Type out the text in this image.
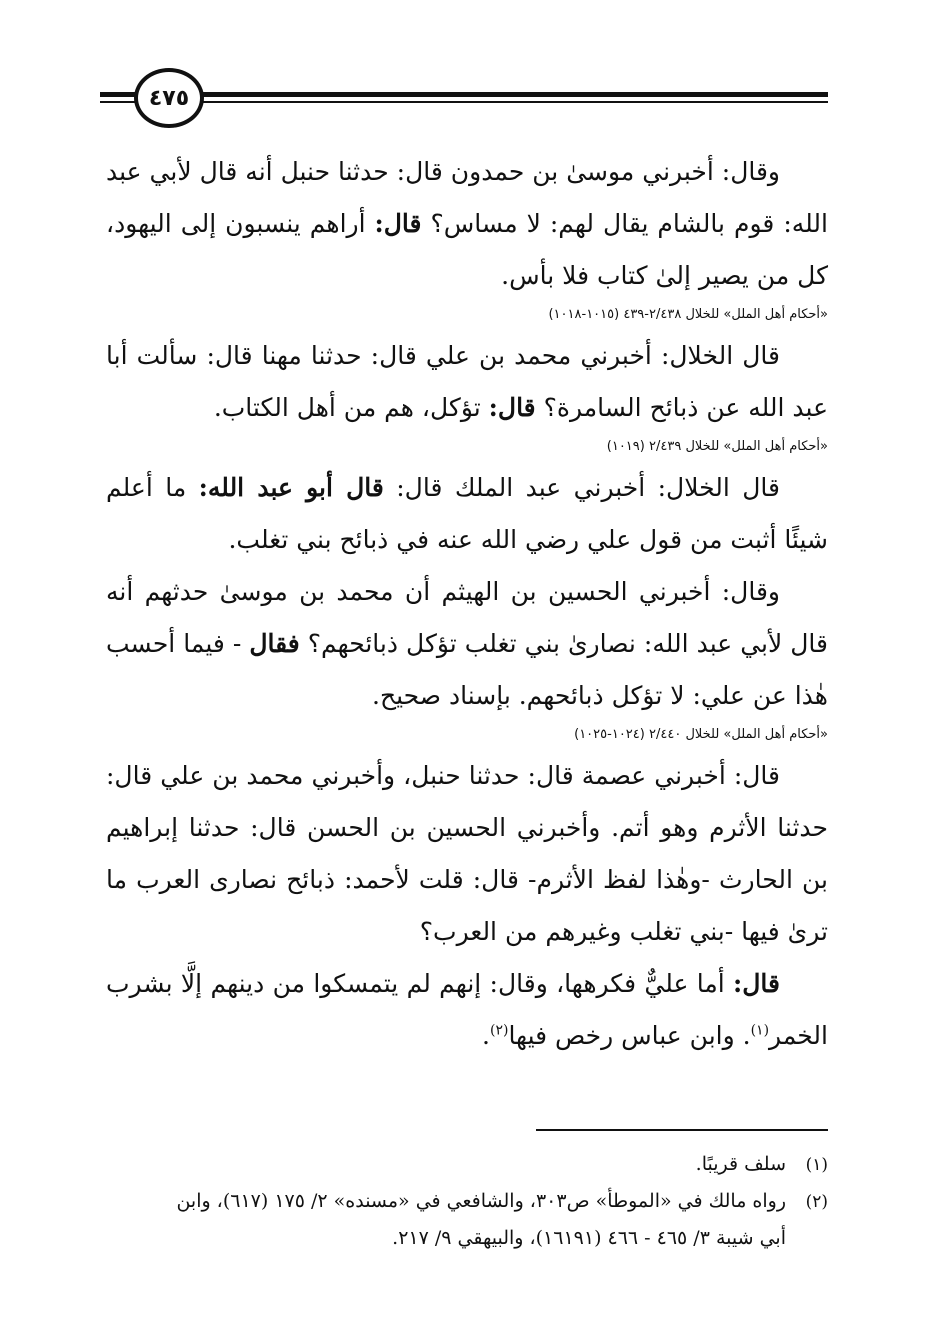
٤٧٥

وقال: أخبرني موسىٰ بن حمدون قال: حدثنا حنبل أنه قال لأبي عبد الله: قوم بالشام يقال لهم: لا مساس؟ قال: أراهم ينسبون إلى اليهود، كل من يصير إلىٰ كتاب فلا بأس.

«أحكام أهل الملل» للخلال ٢/٤٣٨-٤٣٩ (١٠١٥-١٠١٨)

قال الخلال: أخبرني محمد بن علي قال: حدثنا مهنا قال: سألت أبا عبد الله عن ذبائح السامرة؟ قال: تؤكل، هم من أهل الكتاب.

«أحكام أهل الملل» للخلال ٢/٤٣٩ (١٠١٩)

قال الخلال: أخبرني عبد الملك قال: قال أبو عبد الله: ما أعلم شيئًا أثبت من قول علي رضي الله عنه في ذبائح بني تغلب.

وقال: أخبرني الحسين بن الهيثم أن محمد بن موسىٰ حدثهم أنه قال لأبي عبد الله: نصارىٰ بني تغلب تؤكل ذبائحهم؟ فقال - فيما أحسب هٰذا عن علي: لا تؤكل ذبائحهم. بإسناد صحيح.

«أحكام أهل الملل» للخلال ٢/٤٤٠ (١٠٢٤-١٠٢٥)

قال: أخبرني عصمة قال: حدثنا حنبل، وأخبرني محمد بن علي قال: حدثنا الأثرم وهو أتم. وأخبرني الحسين بن الحسن قال: حدثنا إبراهيم بن الحارث -وهٰذا لفظ الأثرم- قال: قلت لأحمد: ذبائح نصارى العرب ما ترىٰ فيها -بني تغلب وغيرهم من العرب؟

قال: أما عليٌّ فكرهها، وقال: إنهم لم يتمسكوا من دينهم إلَّا بشرب الخمر$^{(١)}$. وابن عباس رخص فيها$^{(٢)}$.

(١)سلف قريبًا.

(٢)رواه مالك في «الموطأ» ص٣٠٣، والشافعي في «مسنده» ٢/ ١٧٥ (٦١٧)، وابن

أبي شيبة ٣/ ٤٦٥ - ٤٦٦ (١٦١٩١)، والبيهقي ٩/ ٢١٧.
